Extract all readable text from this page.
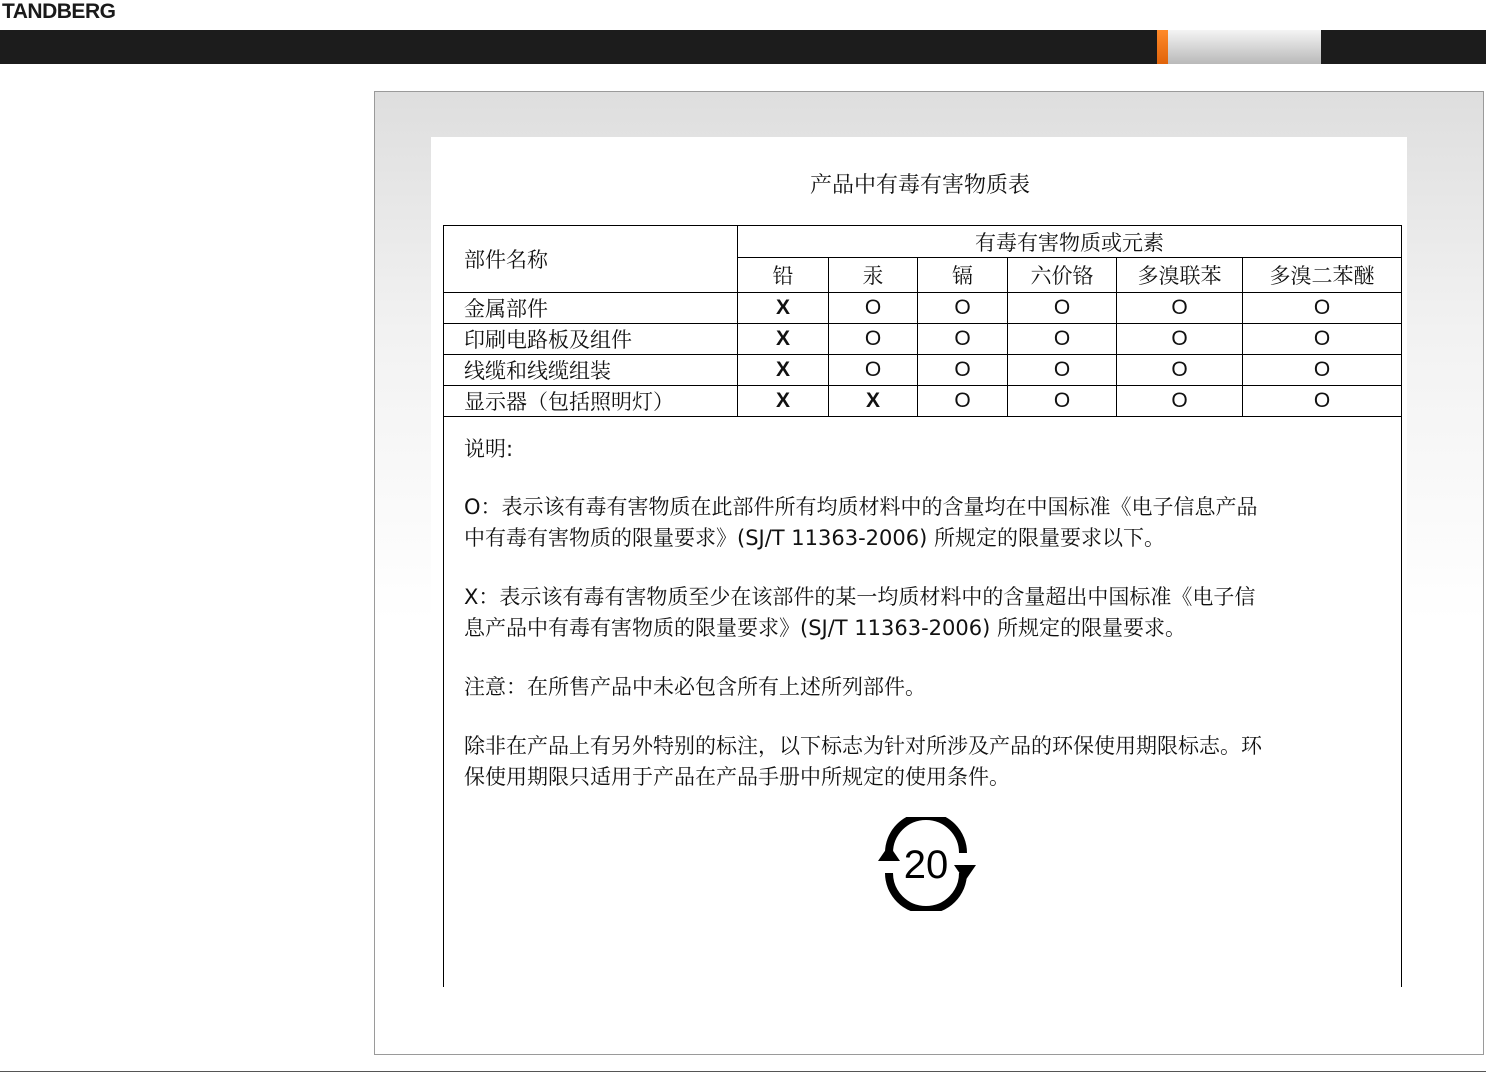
TANDBERG
产品中有毒有害物质表
部件名称	有毒有害物质或元素					
	铅	汞	镉	六价铬	多溴联苯	多溴二苯醚
金属部件	X	O	O	O	O	O
印刷电路板及组件	X	O	O	O	O	O
线缆和线缆组装	X	O	O	O	O	O
显示器（包括照明灯）	X	X	O	O	O	O
说明:
O：表示该有毒有害物质在此部件所有均质材料中的含量均在中国标准《电子信息产品
中有毒有害物质的限量要求》(SJ/T 11363-2006) 所规定的限量要求以下。
X：表示该有毒有害物质至少在该部件的某一均质材料中的含量超出中国标准《电子信
息产品中有毒有害物质的限量要求》(SJ/T 11363-2006) 所规定的限量要求。
注意：在所售产品中未必包含所有上述所列部件。
除非在产品上有另外特别的标注，以下标志为针对所涉及产品的环保使用期限标志。环
保使用期限只适用于产品在产品手册中所规定的使用条件。
20
